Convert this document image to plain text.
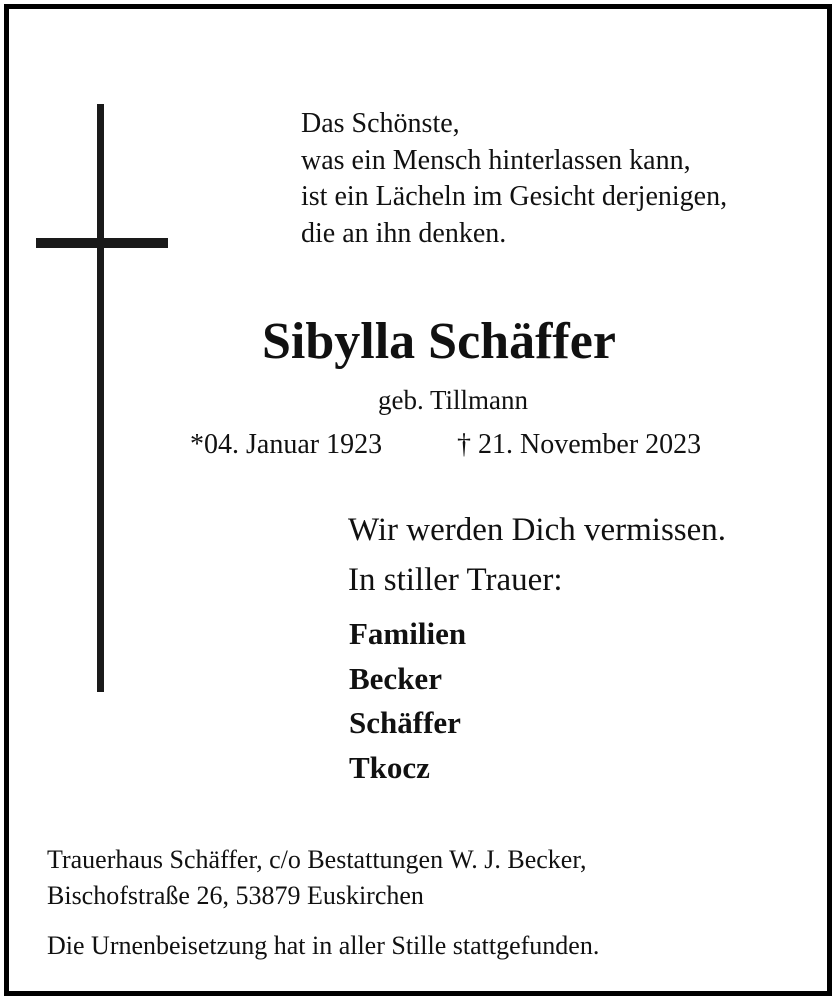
Das Schönste,
was ein Mensch hinterlassen kann,
ist ein Lächeln im Gesicht derjenigen,
die an ihn denken.
Sibylla Schäffer
geb. Tillmann
*04. Januar 1923	† 21. November 2023
Wir werden Dich vermissen.
In stiller Trauer:
Familien
Becker
Schäffer
Tkocz
Trauerhaus Schäffer, c/o Bestattungen W. J. Becker,
Bischofstraße 26, 53879 Euskirchen
Die Urnenbeisetzung hat in aller Stille stattgefunden.
